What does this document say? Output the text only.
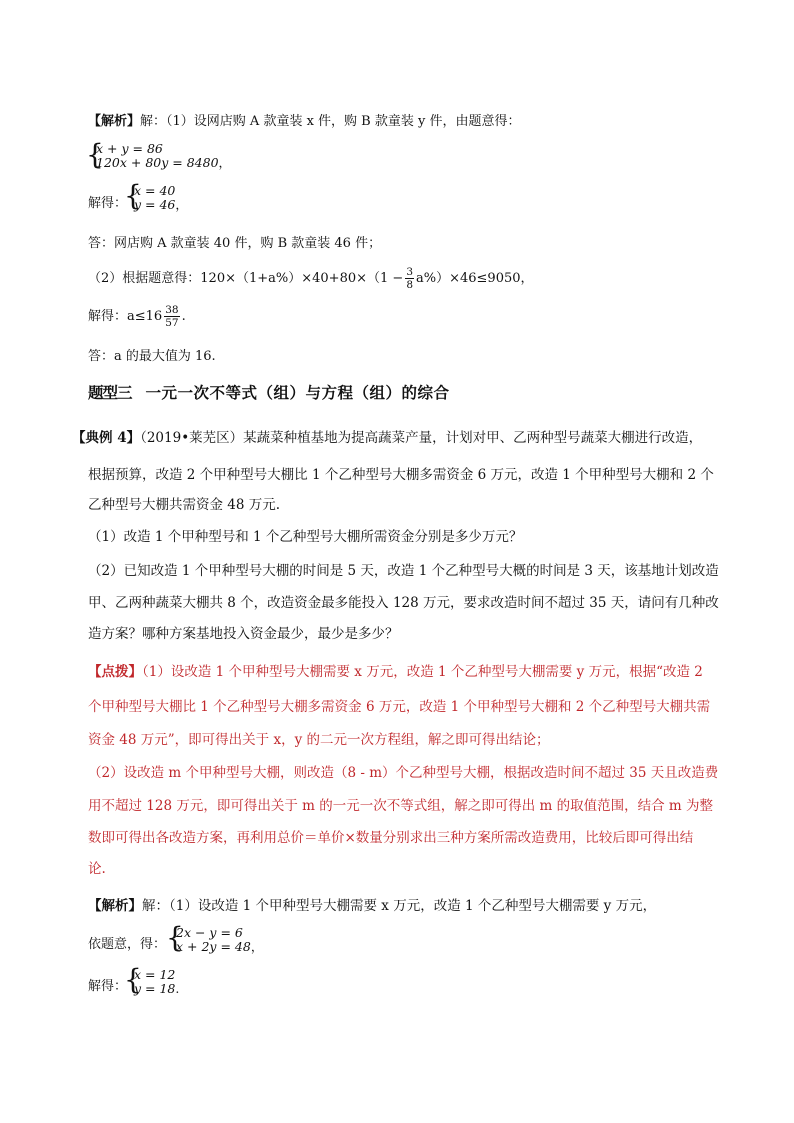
【解析】解：（1）设网店购 A 款童装 x 件，购 B 款童装 y 件，由题意得：
{
x + y = 86
120x + 80y = 8480，
解得：
{
x = 40
y = 46，
答：网店购 A 款童装 40 件，购 B 款童装 46 件；
（2）根据题意得：$120\times(1+a\%)\times 40+80\times(1 - \frac{3}{8} a\%)\times 46\le 9050$，
解得：$a\le 16 \frac{38}{57}$ .
答：a 的最大值为 16.
题型三 一元一次不等式（组）与方程（组）的综合
【典例 4】（2019•莱芜区）某蔬菜种植基地为提高蔬菜产量，计划对甲、乙两种型号蔬菜大棚进行改造，
根据预算，改造 2 个甲种型号大棚比 1 个乙种型号大棚多需资金 6 万元，改造 1 个甲种型号大棚和 2 个
乙种型号大棚共需资金 48 万元.
（1）改造 1 个甲种型号和 1 个乙种型号大棚所需资金分别是多少万元？
（2）已知改造 1 个甲种型号大棚的时间是 5 天，改造 1 个乙种型号大概的时间是 3 天，该基地计划改造
甲、乙两种蔬菜大棚共 8 个，改造资金最多能投入 128 万元，要求改造时间不超过 35 天，请问有几种改
造方案？哪种方案基地投入资金最少，最少是多少？
【点拨】（1）设改造 1 个甲种型号大棚需要 x 万元，改造 1 个乙种型号大棚需要 y 万元，根据“改造 2
个甲种型号大棚比 1 个乙种型号大棚多需资金 6 万元，改造 1 个甲种型号大棚和 2 个乙种型号大棚共需
资金 48 万元”，即可得出关于 x，y 的二元一次方程组，解之即可得出结论；
（2）设改造 m 个甲种型号大棚，则改造（8 - m）个乙种型号大棚，根据改造时间不超过 35 天且改造费
用不超过 128 万元，即可得出关于 m 的一元一次不等式组，解之即可得出 m 的取值范围，结合 m 为整
数即可得出各改造方案，再利用总价＝单价×数量分别求出三种方案所需改造费用，比较后即可得出结
论.
【解析】解：（1）设改造 1 个甲种型号大棚需要 x 万元，改造 1 个乙种型号大棚需要 y 万元，
依题意，得： {
2x − y = 6
x + 2y = 48，
解得：
{
x = 12
y = 18.
